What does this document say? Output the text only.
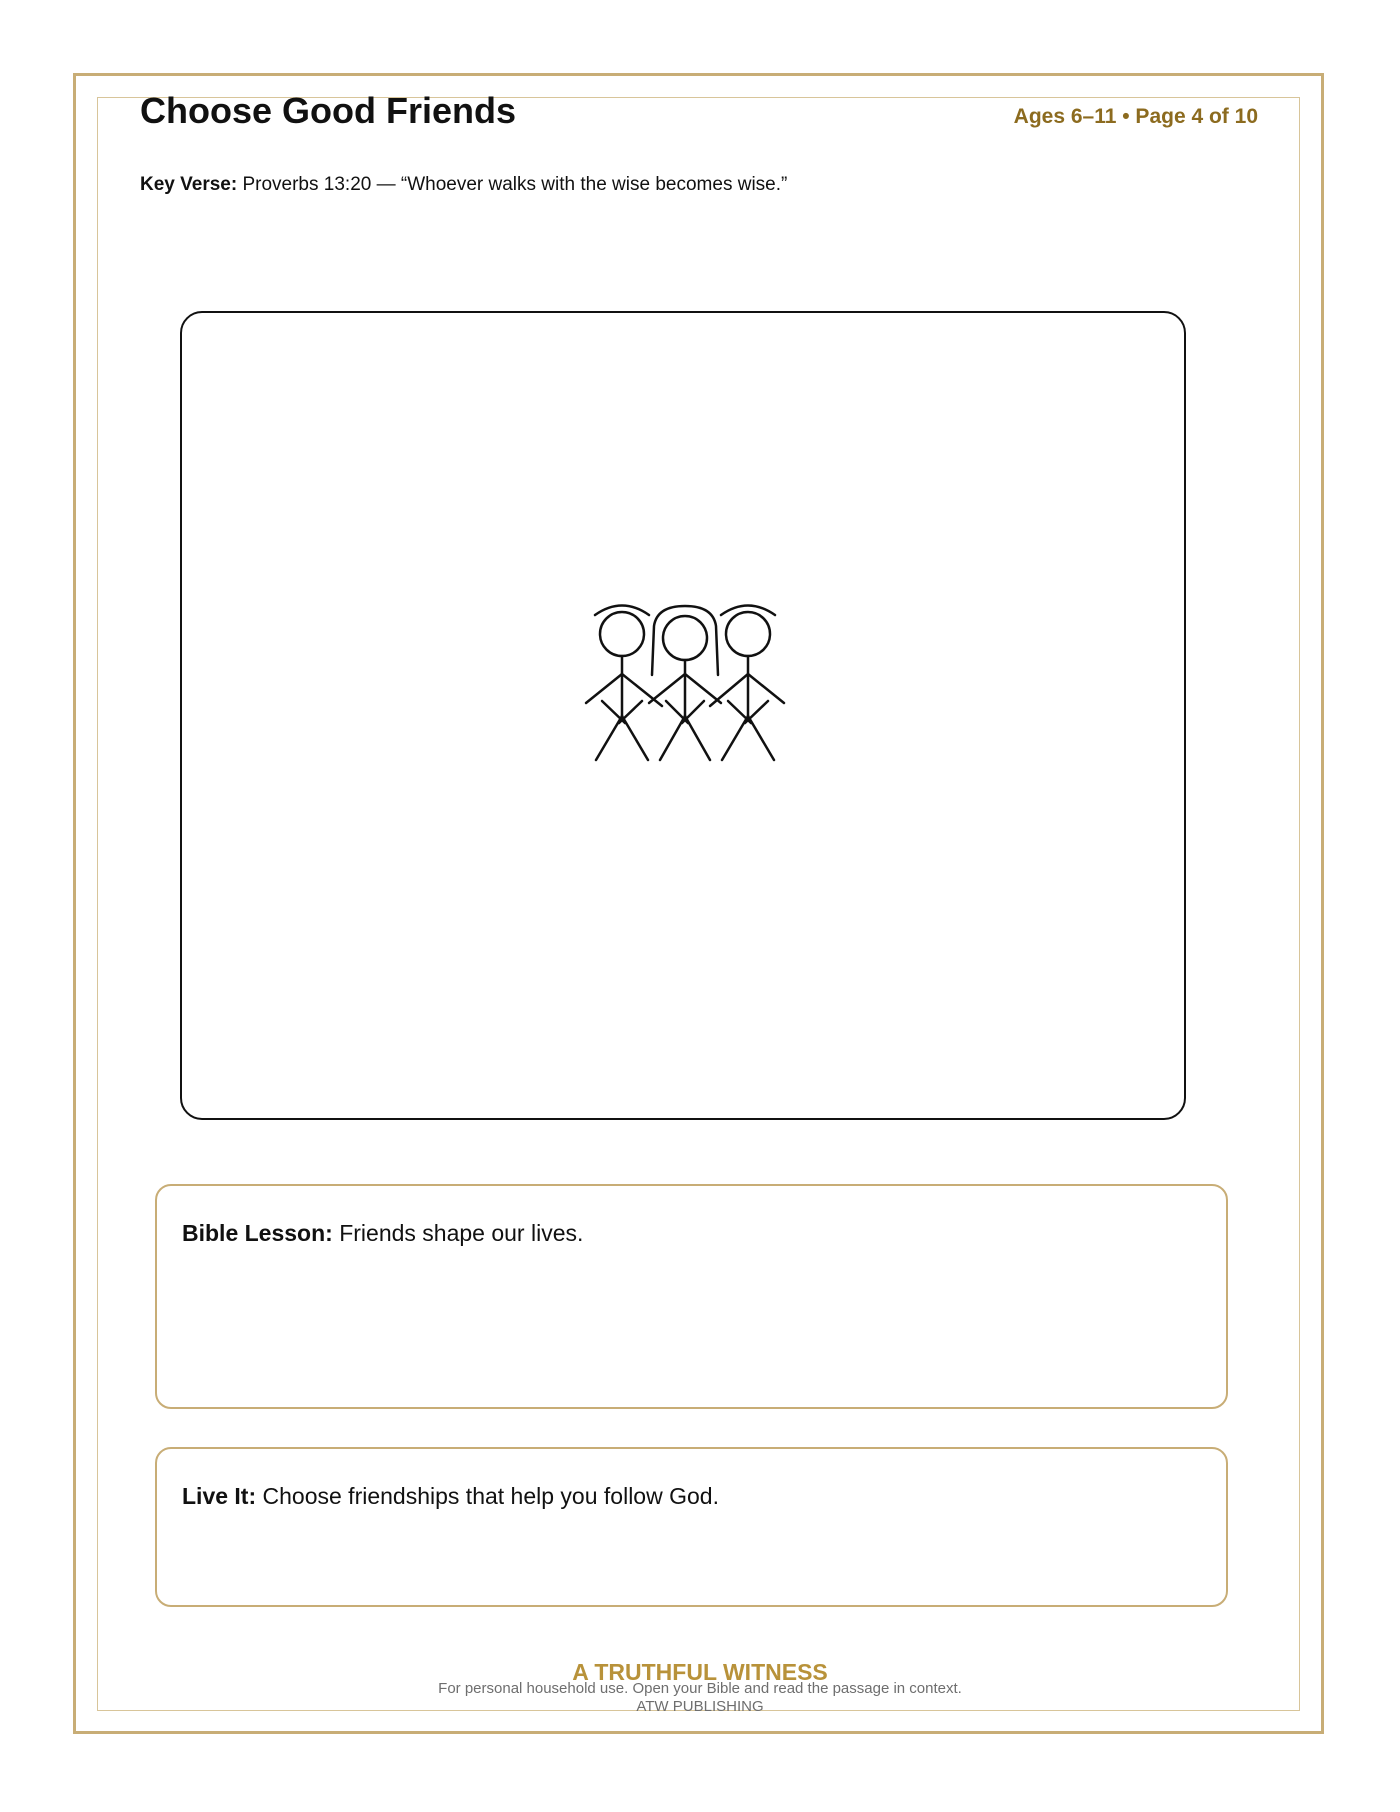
Choose Good Friends	Ages 6–11 • Page 4 of 10
Key Verse: Proverbs 13:20 — “Whoever walks with the wise becomes wise.”
Bible Lesson: Friends shape our lives.
Live It: Choose friendships that help you follow God.
A TRUTHFUL WITNESS
For personal household use. Open your Bible and read the passage in context.
ATW PUBLISHING
